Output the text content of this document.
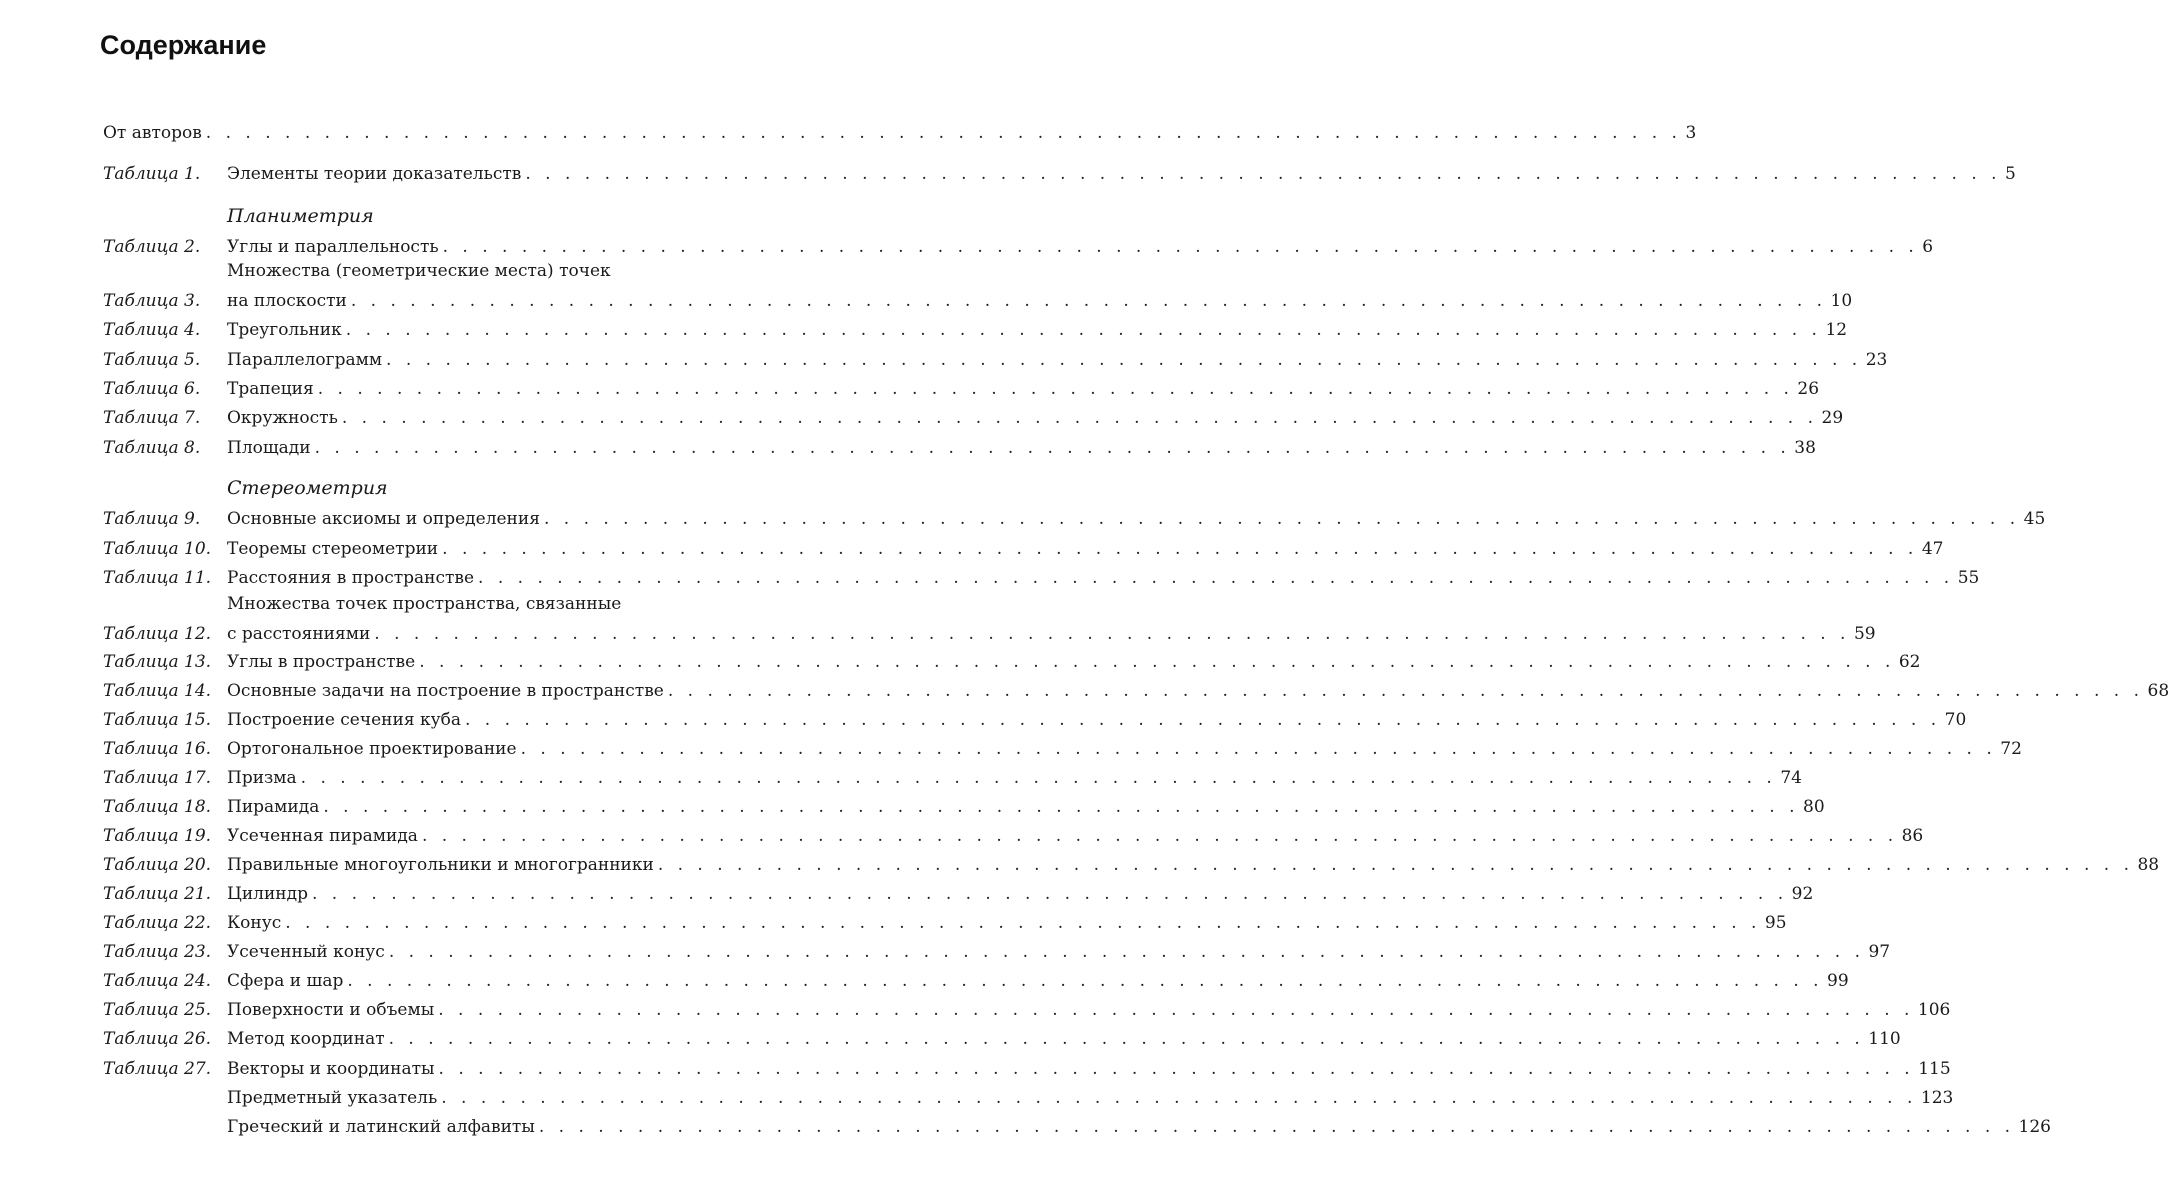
Содержание
От авторов . . . . . . . . . . . . . . . . . . . . . . . . . . . . . . . . . . . . . . . . . . . . . . . . . . . . . . . . . . . . . . . . . . . . . . . . . . . 3
Таблица 1. Элементы теории доказательств . . . . . . . . . . . . . . . . . . . . . . . . . . . . . . . . . . . . . . . . . . . . . . . . . . . . . . . . . . . . . . . . . . . . . . . . . . . 5
Планиметрия
Таблица 2. Углы и параллельность . . . . . . . . . . . . . . . . . . . . . . . . . . . . . . . . . . . . . . . . . . . . . . . . . . . . . . . . . . . . . . . . . . . . . . . . . . . 6
Таблица 3.
Множества (геометрические места) точек
на плоскости . . . . . . . . . . . . . . . . . . . . . . . . . . . . . . . . . . . . . . . . . . . . . . . . . . . . . . . . . . . . . . . . . . . . . . . . . . . 10
Таблица 4. Треугольник . . . . . . . . . . . . . . . . . . . . . . . . . . . . . . . . . . . . . . . . . . . . . . . . . . . . . . . . . . . . . . . . . . . . . . . . . . . 12
Таблица 5. Параллелограмм . . . . . . . . . . . . . . . . . . . . . . . . . . . . . . . . . . . . . . . . . . . . . . . . . . . . . . . . . . . . . . . . . . . . . . . . . . . 23
Таблица 6. Трапеция . . . . . . . . . . . . . . . . . . . . . . . . . . . . . . . . . . . . . . . . . . . . . . . . . . . . . . . . . . . . . . . . . . . . . . . . . . . 26
Таблица 7. Окружность . . . . . . . . . . . . . . . . . . . . . . . . . . . . . . . . . . . . . . . . . . . . . . . . . . . . . . . . . . . . . . . . . . . . . . . . . . . 29
Таблица 8. Площади . . . . . . . . . . . . . . . . . . . . . . . . . . . . . . . . . . . . . . . . . . . . . . . . . . . . . . . . . . . . . . . . . . . . . . . . . . . 38
Стереометрия
Таблица 9. Основные аксиомы и определения . . . . . . . . . . . . . . . . . . . . . . . . . . . . . . . . . . . . . . . . . . . . . . . . . . . . . . . . . . . . . . . . . . . . . . . . . . . 45
Таблица 10. Теоремы стереометрии . . . . . . . . . . . . . . . . . . . . . . . . . . . . . . . . . . . . . . . . . . . . . . . . . . . . . . . . . . . . . . . . . . . . . . . . . . . 47
Таблица 11. Расстояния в пространстве . . . . . . . . . . . . . . . . . . . . . . . . . . . . . . . . . . . . . . . . . . . . . . . . . . . . . . . . . . . . . . . . . . . . . . . . . . . 55
Таблица 12.
Множества точек пространства, связанные
с расстояниями . . . . . . . . . . . . . . . . . . . . . . . . . . . . . . . . . . . . . . . . . . . . . . . . . . . . . . . . . . . . . . . . . . . . . . . . . . . 59
Таблица 13. Углы в пространстве . . . . . . . . . . . . . . . . . . . . . . . . . . . . . . . . . . . . . . . . . . . . . . . . . . . . . . . . . . . . . . . . . . . . . . . . . . . 62
Таблица 14. Основные задачи на построение в пространстве . . . . . . . . . . . . . . . . . . . . . . . . . . . . . . . . . . . . . . . . . . . . . . . . . . . . . . . . . . . . . . . . . . . . . . . . . . . 68
Таблица 15. Построение сечения куба . . . . . . . . . . . . . . . . . . . . . . . . . . . . . . . . . . . . . . . . . . . . . . . . . . . . . . . . . . . . . . . . . . . . . . . . . . . 70
Таблица 16. Ортогональное проектирование . . . . . . . . . . . . . . . . . . . . . . . . . . . . . . . . . . . . . . . . . . . . . . . . . . . . . . . . . . . . . . . . . . . . . . . . . . . 72
Таблица 17. Призма . . . . . . . . . . . . . . . . . . . . . . . . . . . . . . . . . . . . . . . . . . . . . . . . . . . . . . . . . . . . . . . . . . . . . . . . . . . 74
Таблица 18. Пирамида . . . . . . . . . . . . . . . . . . . . . . . . . . . . . . . . . . . . . . . . . . . . . . . . . . . . . . . . . . . . . . . . . . . . . . . . . . . 80
Таблица 19. Усеченная пирамида . . . . . . . . . . . . . . . . . . . . . . . . . . . . . . . . . . . . . . . . . . . . . . . . . . . . . . . . . . . . . . . . . . . . . . . . . . . 86
Таблица 20. Правильные многоугольники и многогранники . . . . . . . . . . . . . . . . . . . . . . . . . . . . . . . . . . . . . . . . . . . . . . . . . . . . . . . . . . . . . . . . . . . . . . . . . . . 88
Таблица 21. Цилиндр . . . . . . . . . . . . . . . . . . . . . . . . . . . . . . . . . . . . . . . . . . . . . . . . . . . . . . . . . . . . . . . . . . . . . . . . . . . 92
Таблица 22. Конус . . . . . . . . . . . . . . . . . . . . . . . . . . . . . . . . . . . . . . . . . . . . . . . . . . . . . . . . . . . . . . . . . . . . . . . . . . . 95
Таблица 23. Усеченный конус . . . . . . . . . . . . . . . . . . . . . . . . . . . . . . . . . . . . . . . . . . . . . . . . . . . . . . . . . . . . . . . . . . . . . . . . . . . 97
Таблица 24. Сфера и шар . . . . . . . . . . . . . . . . . . . . . . . . . . . . . . . . . . . . . . . . . . . . . . . . . . . . . . . . . . . . . . . . . . . . . . . . . . . 99
Таблица 25. Поверхности и объемы . . . . . . . . . . . . . . . . . . . . . . . . . . . . . . . . . . . . . . . . . . . . . . . . . . . . . . . . . . . . . . . . . . . . . . . . . . . 106
Таблица 26. Метод координат . . . . . . . . . . . . . . . . . . . . . . . . . . . . . . . . . . . . . . . . . . . . . . . . . . . . . . . . . . . . . . . . . . . . . . . . . . . 110
Таблица 27. Векторы и координаты . . . . . . . . . . . . . . . . . . . . . . . . . . . . . . . . . . . . . . . . . . . . . . . . . . . . . . . . . . . . . . . . . . . . . . . . . . . 115
Предметный указатель . . . . . . . . . . . . . . . . . . . . . . . . . . . . . . . . . . . . . . . . . . . . . . . . . . . . . . . . . . . . . . . . . . . . . . . . . . . 123
Греческий и латинский алфавиты . . . . . . . . . . . . . . . . . . . . . . . . . . . . . . . . . . . . . . . . . . . . . . . . . . . . . . . . . . . . . . . . . . . . . . . . . . . 126
